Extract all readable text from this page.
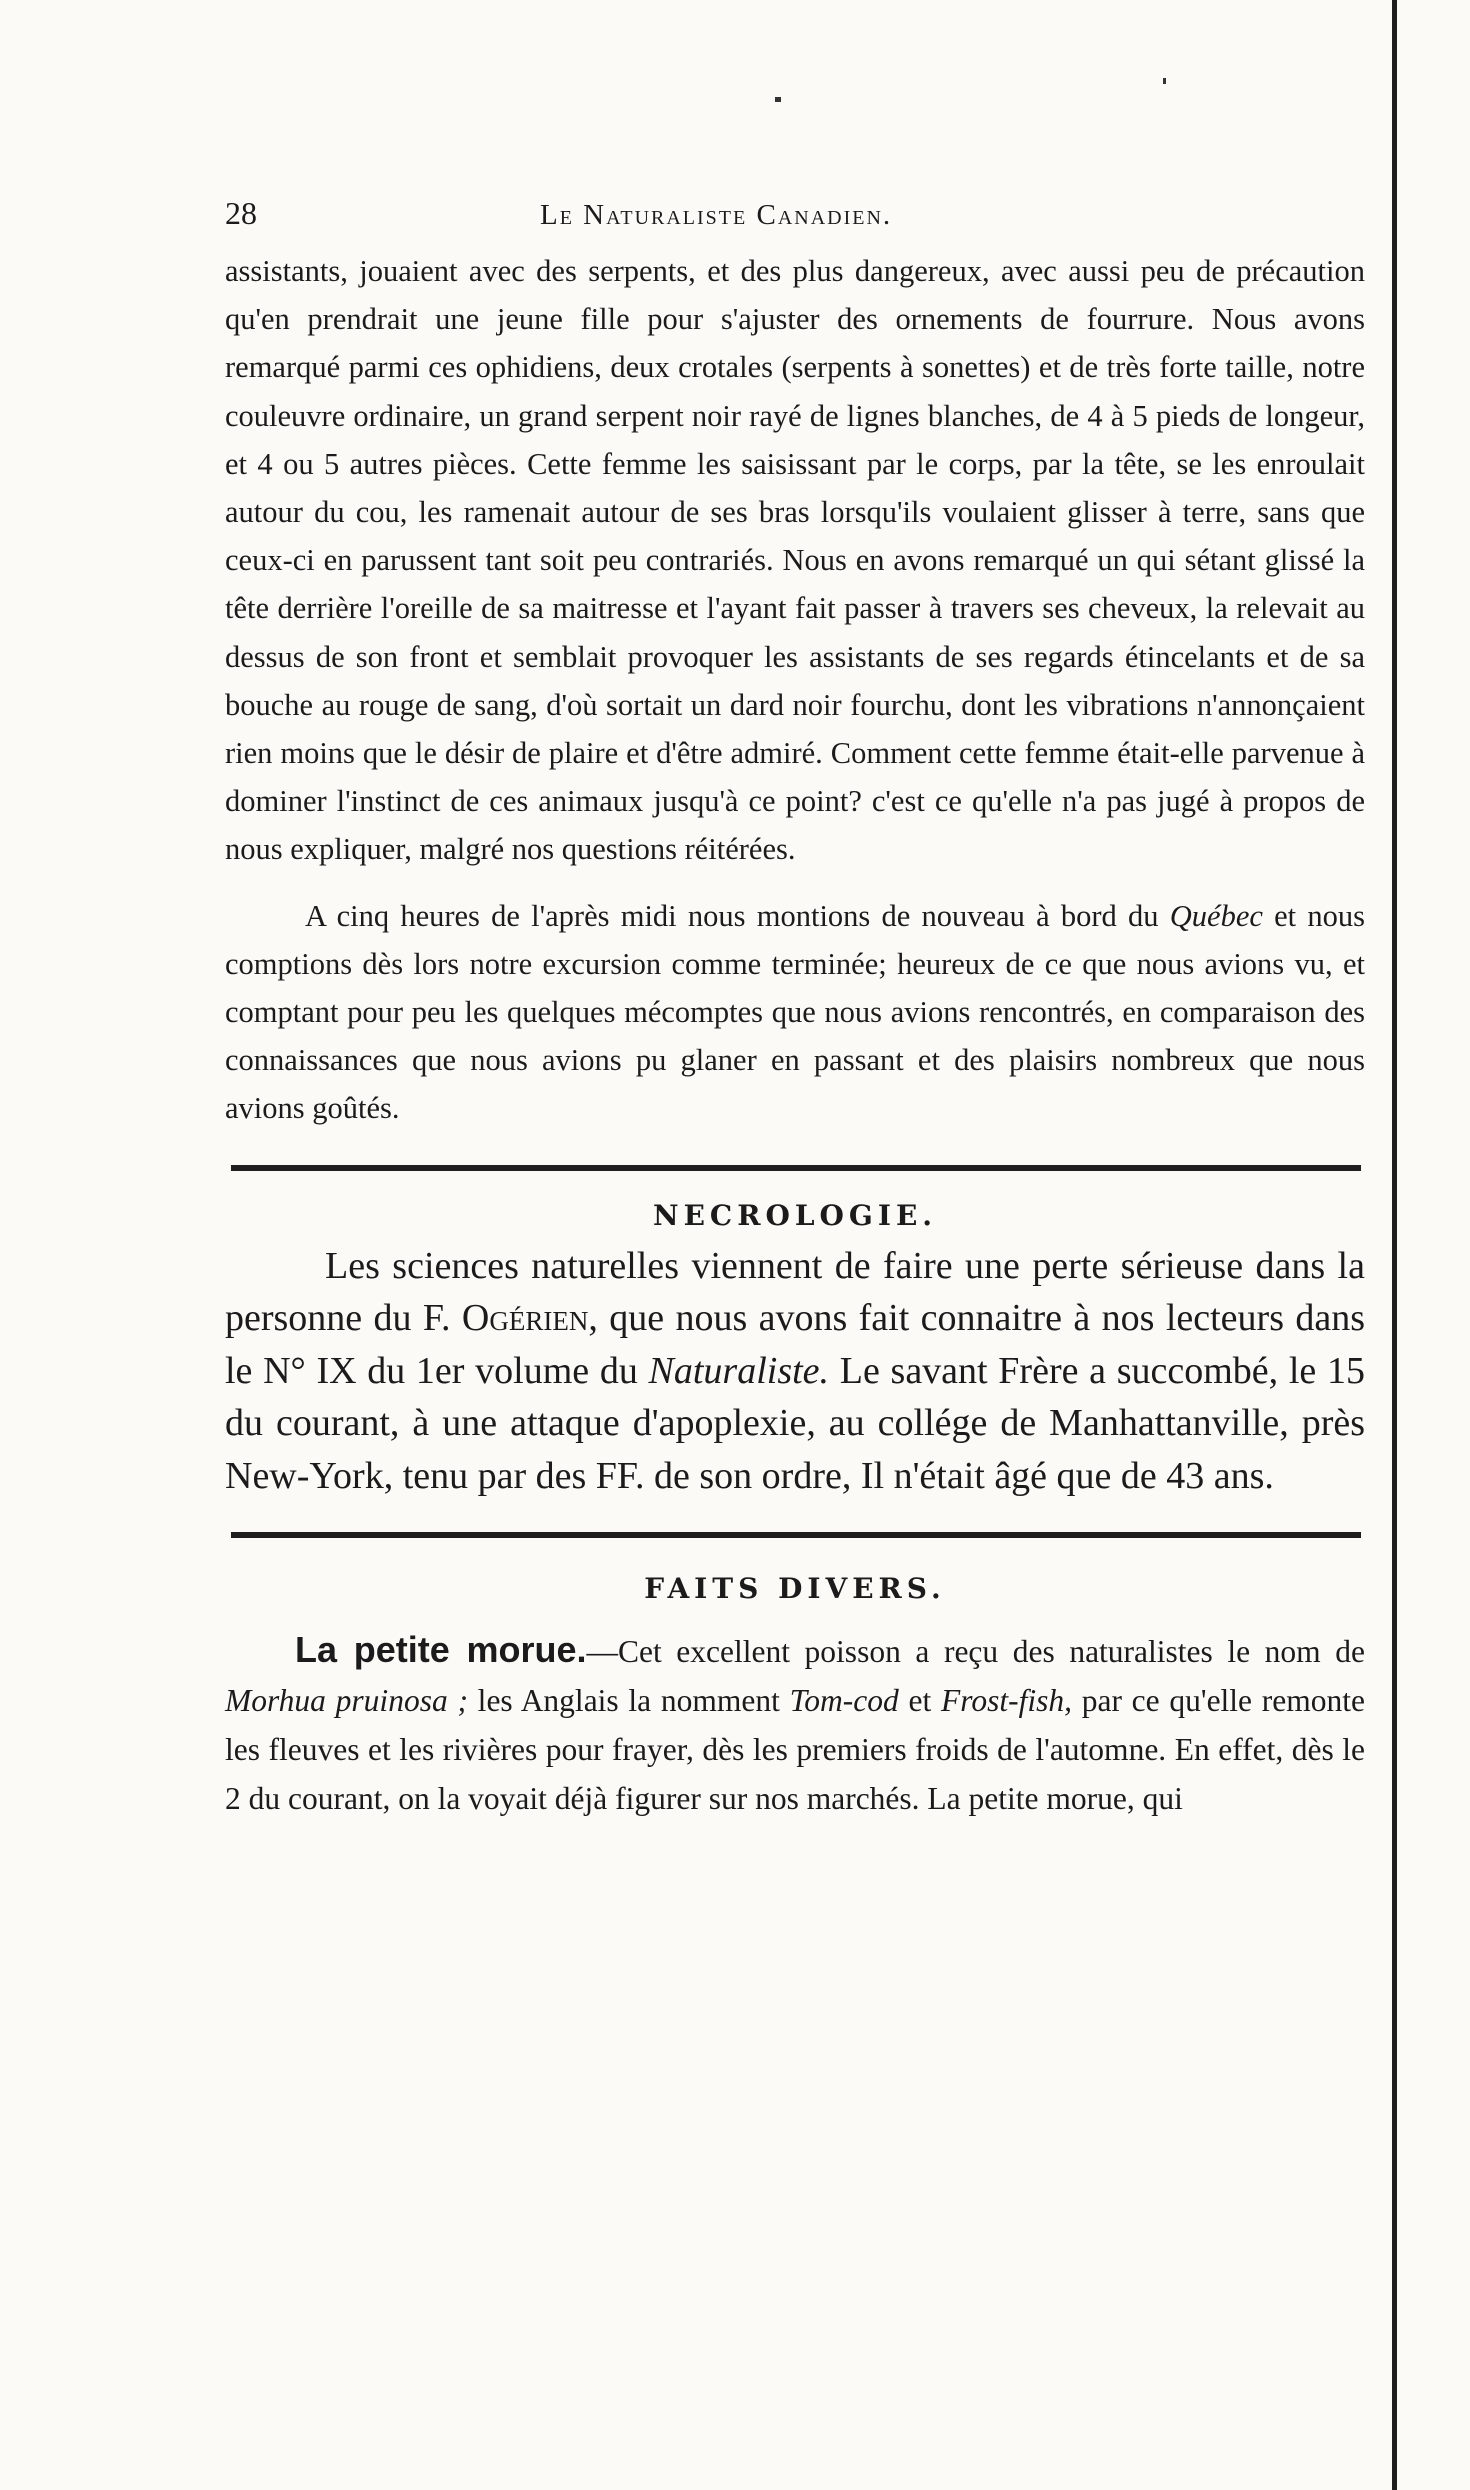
28	Le Naturaliste Canadien.

assistants, jouaient avec des serpents, et des plus dangereux, avec aussi peu de précaution qu'en prendrait une jeune fille pour s'ajuster des ornements de fourrure. Nous avons remarqué parmi ces ophidiens, deux crotales (serpents à sonettes) et de très forte taille, notre couleuvre ordinaire, un grand serpent noir rayé de lignes blanches, de 4 à 5 pieds de longeur, et 4 ou 5 autres pièces. Cette femme les saisissant par le corps, par la tête, se les enroulait autour du cou, les ramenait autour de ses bras lorsqu'ils voulaient glisser à terre, sans que ceux-ci en parussent tant soit peu contrariés. Nous en avons remarqué un qui sétant glissé la tête derrière l'oreille de sa maitresse et l'ayant fait passer à travers ses cheveux, la relevait au dessus de son front et semblait provoquer les assistants de ses regards étincelants et de sa bouche au rouge de sang, d'où sortait un dard noir fourchu, dont les vibrations n'annonçaient rien moins que le désir de plaire et d'être admiré. Comment cette femme était-elle parvenue à dominer l'instinct de ces animaux jusqu'à ce point? c'est ce qu'elle n'a pas jugé à propos de nous expliquer, malgré nos questions réitérées.

A cinq heures de l'après midi nous montions de nouveau à bord du Québec et nous comptions dès lors notre excursion comme terminée; heureux de ce que nous avions vu, et comptant pour peu les quelques mécomptes que nous avions rencontrés, en comparaison des connaissances que nous avions pu glaner en passant et des plaisirs nombreux que nous avions goûtés.

NECROLOGIE.

Les sciences naturelles viennent de faire une perte sérieuse dans la personne du F. Ogérien, que nous avons fait connaitre à nos lecteurs dans le N° IX du 1er volume du Naturaliste. Le savant Frère a succombé, le 15 du courant, à une attaque d'apoplexie, au collége de Manhattanville, près New-York, tenu par des FF. de son ordre, Il n'était âgé que de 43 ans.

FAITS DIVERS.

La petite morue.—Cet excellent poisson a reçu des naturalistes le nom de Morhua pruinosa ; les Anglais la nomment Tom-cod et Frost-fish, par ce qu'elle remonte les fleuves et les rivières pour frayer, dès les premiers froids de l'automne. En effet, dès le 2 du courant, on la voyait déjà figurer sur nos marchés. La petite morue, qui
